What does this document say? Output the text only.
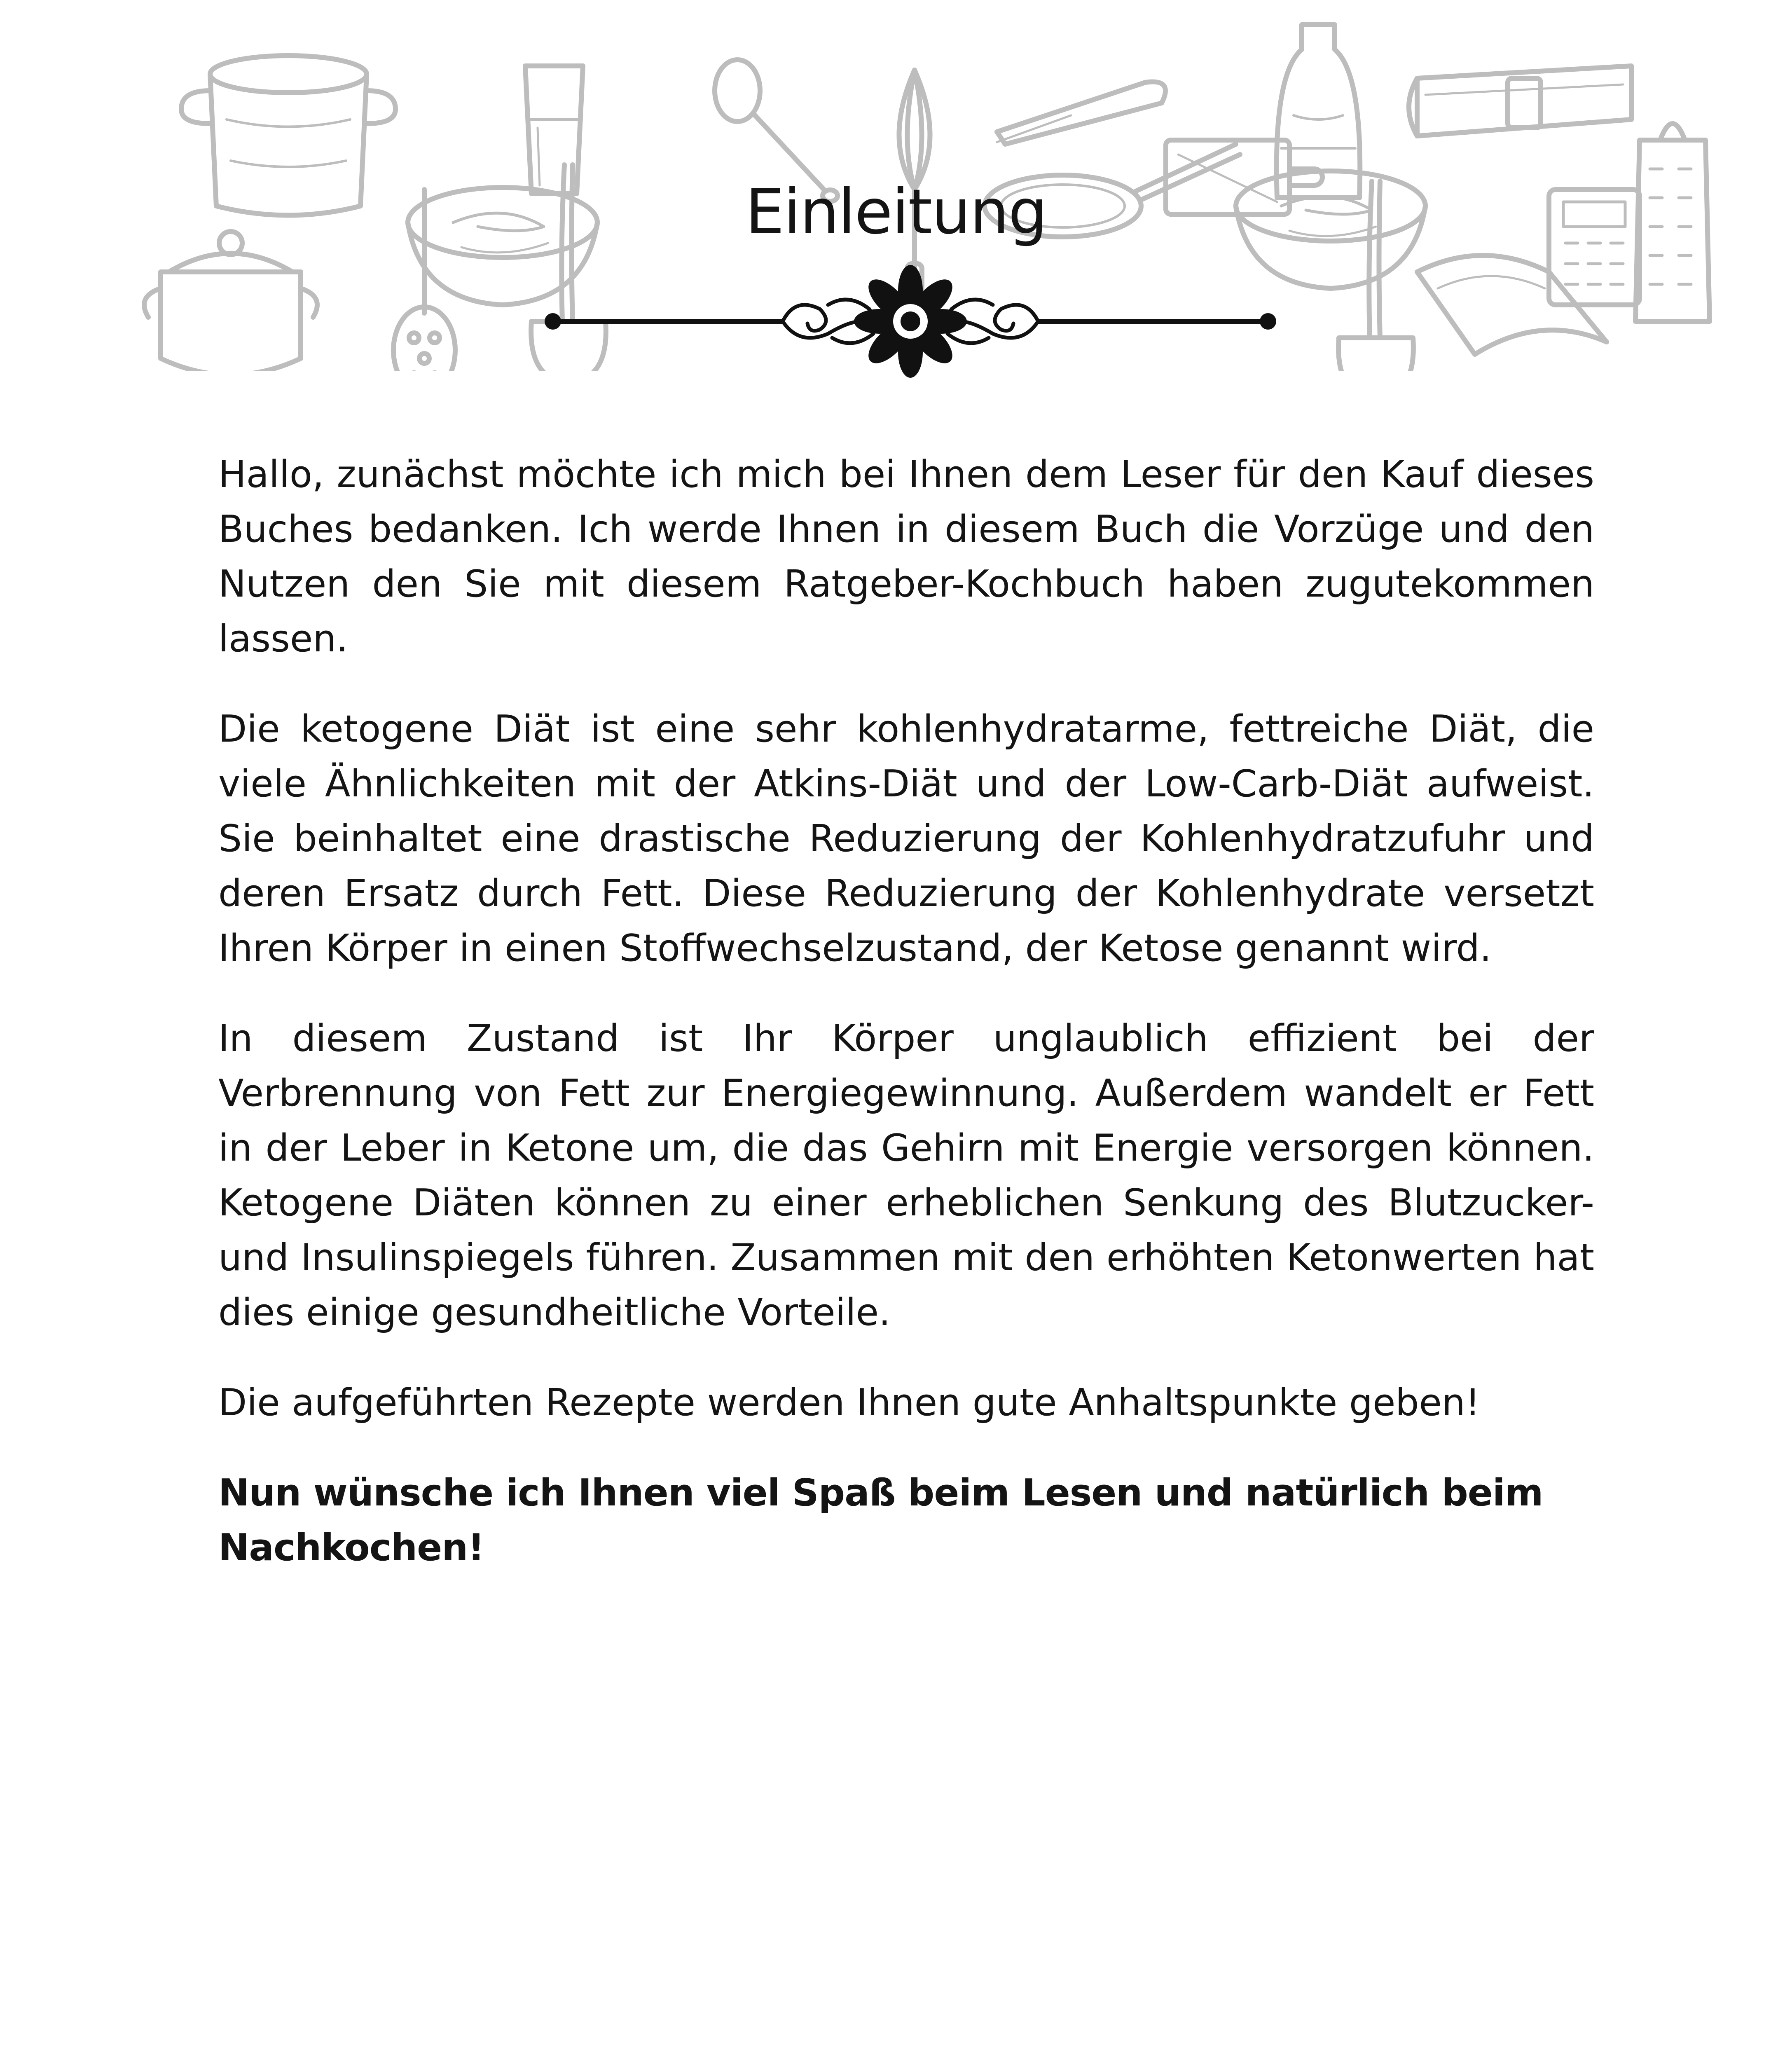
Einleitung

Hallo, zunächst möchte ich mich bei Ihnen dem Leser für den Kauf dieses Buches bedanken. Ich werde Ihnen in diesem Buch die Vorzüge und den Nutzen den Sie mit diesem Ratgeber-Kochbuch haben zugutekommen lassen.

Die ketogene Diät ist eine sehr kohlenhydratarme, fettreiche Diät, die viele Ähnlichkeiten mit der Atkins-Diät und der Low-Carb-Diät aufweist. Sie beinhaltet eine drastische Reduzierung der Kohlenhydratzufuhr und deren Ersatz durch Fett. Diese Reduzierung der Kohlenhydrate versetzt Ihren Körper in einen Stoffwechselzustand, der Ketose genannt wird.

In diesem Zustand ist Ihr Körper unglaublich effizient bei der Verbrennung von Fett zur Energiegewinnung. Außerdem wandelt er Fett in der Leber in Ketone um, die das Gehirn mit Energie versorgen können. Ketogene Diäten können zu einer erheblichen Senkung des Blutzucker- und Insulinspiegels führen. Zusammen mit den erhöhten Ketonwerten hat dies einige gesundheitliche Vorteile.

Die aufgeführten Rezepte werden Ihnen gute Anhaltspunkte geben!

Nun wünsche ich Ihnen viel Spaß beim Lesen und natürlich beim Nachkochen!
